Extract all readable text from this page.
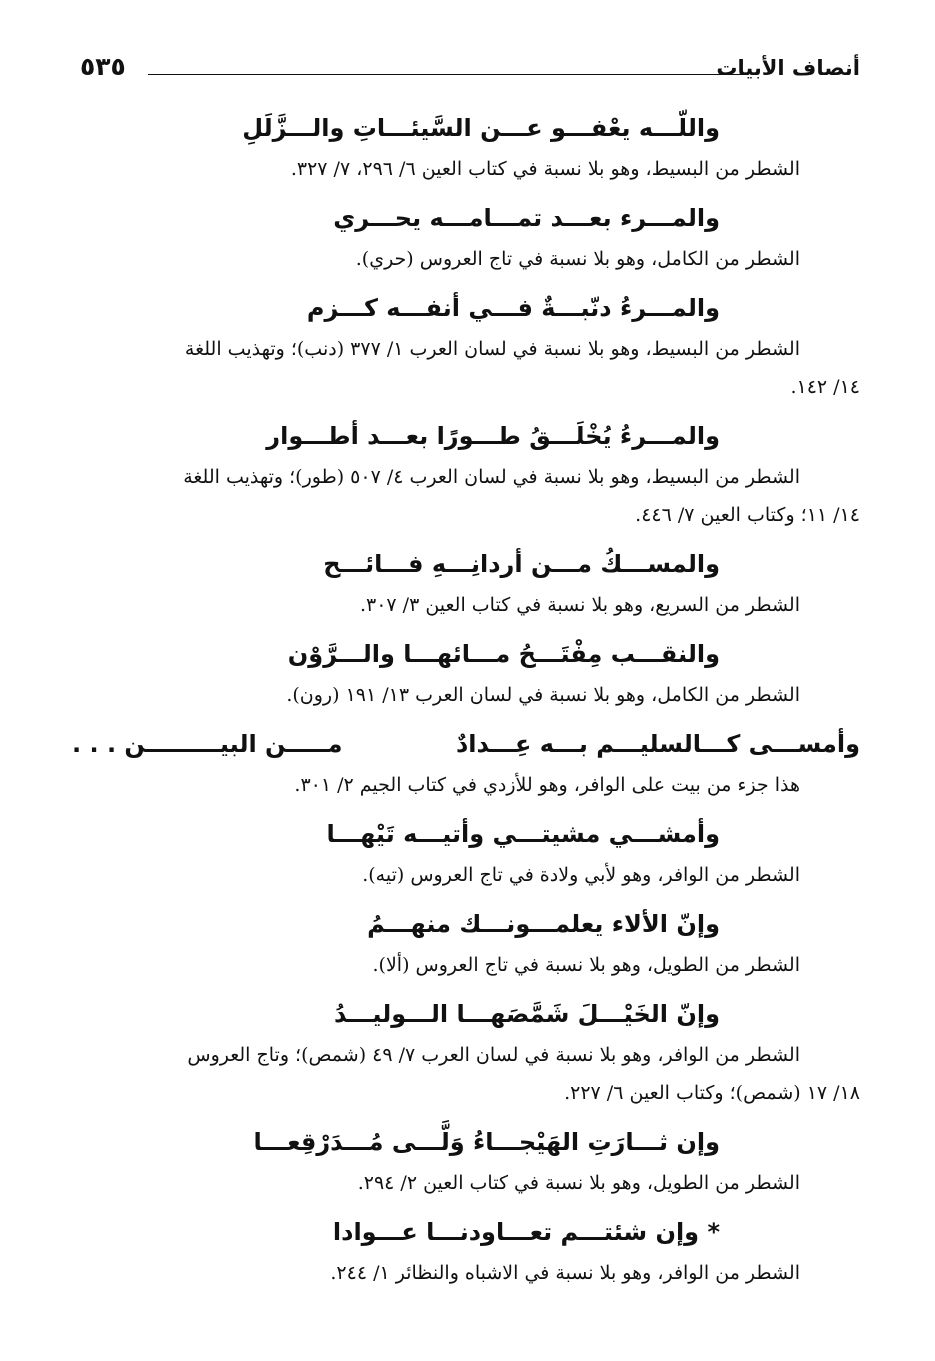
أنصاف الأبيات
٥٣٥
واللّـــه يعْفـــو عـــن السَّيئـــاتِ والـــزَّلَلِ
الشطر من البسيط، وهو بلا نسبة في كتاب العين ٦/ ٢٩٦، ٧/ ٣٢٧.
والمـــرء بعـــد تمـــامـــه يحـــري
الشطر من الكامل، وهو بلا نسبة في تاج العروس (حري).
والمـــرءُ دنّبـــةٌ فـــي أنفـــه كـــزم
الشطر من البسيط، وهو بلا نسبة في لسان العرب ١/ ٣٧٧ (دنب)؛ وتهذيب اللغة
١٤/ ١٤٢.
والمـــرءُ يُخْلَـــقُ طـــورًا بعـــد أطـــوار
الشطر من البسيط، وهو بلا نسبة في لسان العرب ٤/ ٥٠٧ (طور)؛ وتهذيب اللغة
١٤/ ١١؛ وكتاب العين ٧/ ٤٤٦.
والمســـكُ مـــن أردانِـــهِ فـــائـــح
الشطر من السريع، وهو بلا نسبة في كتاب العين ٣/ ٣٠٧.
والنقـــب مِفْتَـــحُ مـــائهـــا والـــرَّوْن
الشطر من الكامل، وهو بلا نسبة في لسان العرب ١٣/ ١٩١ (رون).
وأمســـى كـــالسليـــم بـــه عِـــدادٌ
مـــــن البيـــــــــن . . .
هذا جزء من بيت على الوافر، وهو للأزدي في كتاب الجيم ٢/ ٣٠١.
وأمشـــي مشيتـــي وأتيـــه تَيْهـــا
الشطر من الوافر، وهو لأبي ولادة في تاج العروس (تيه).
وإنّ الألاء يعلمـــونـــك منهـــمُ
الشطر من الطويل، وهو بلا نسبة في تاج العروس (ألا).
وإنّ الخَيْـــلَ شَمَّصَهـــا الـــوليـــدُ
الشطر من الوافر، وهو بلا نسبة في لسان العرب ٧/ ٤٩ (شمص)؛ وتاج العروس
١٨/ ١٧ (شمص)؛ وكتاب العين ٦/ ٢٢٧.
وإن ثـــارَتِ الهَيْجـــاءُ وَلَّـــى مُـــدَرْقِعـــا
الشطر من الطويل، وهو بلا نسبة في كتاب العين ٢/ ٢٩٤.
* وإن شئتـــم تعـــاودنـــا عـــوادا
الشطر من الوافر، وهو بلا نسبة في الاشباه والنظائر ١/ ٢٤٤.
